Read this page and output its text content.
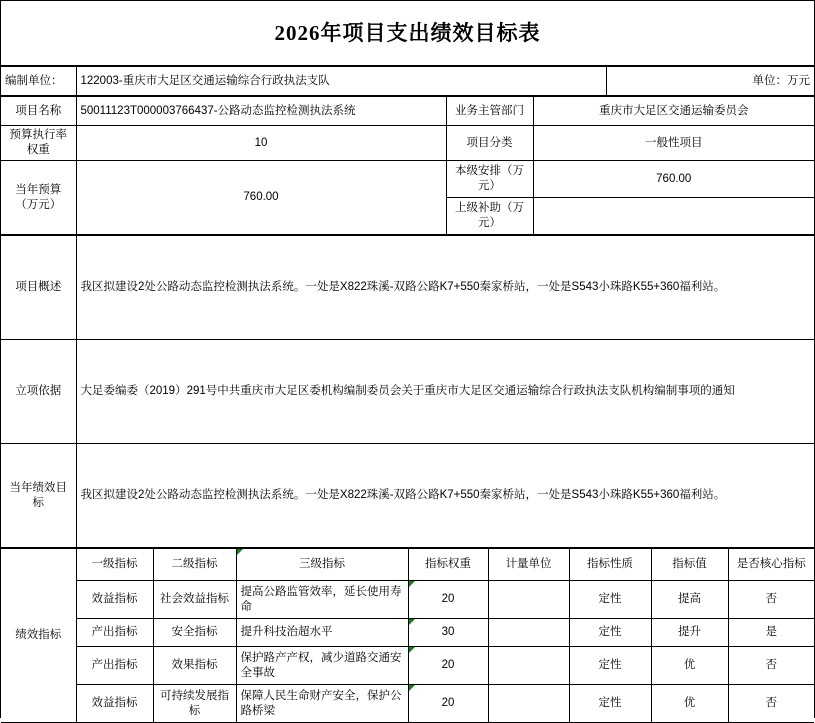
2026年项目支出绩效目标表
编制单位：	122003-重庆市大足区交通运输综合行政执法支队	单位：万元
项目名称	50011123T000003766437-公路动态监控检测执法系统	业务主管部门	重庆市大足区交通运输委员会
预算执行率权重	10	项目分类	一般性项目
当年预算（万元）	760.00	本级安排（万元）	760.00
		上级补助（万元）	
项目概述	我区拟建设2处公路动态监控检测执法系统。一处是X822珠溪-双路公路K7+550秦家桥站，一处是S543小珠路K55+360福利站。
立项依据	大足委编委（2019）291号中共重庆市大足区委机构编制委员会关于重庆市大足区交通运输综合行政执法支队机构编制事项的通知
当年绩效目标	我区拟建设2处公路动态监控检测执法系统。一处是X822珠溪-双路公路K7+550秦家桥站，一处是S543小珠路K55+360福利站。
绩效指标	一级指标	二级指标	三级指标	指标权重	计量单位	指标性质	指标值	是否核心指标
	效益指标	社会效益指标	提高公路监管效率，延长使用寿命	20		定性	提高	否
	产出指标	安全指标	提升科技治超水平	30		定性	提升	是
	产出指标	效果指标	保护路产产权，减少道路交通安全事故	20		定性	优	否
	效益指标	可持续发展指标	保障人民生命财产安全，保护公路桥梁	20		定性	优	否
